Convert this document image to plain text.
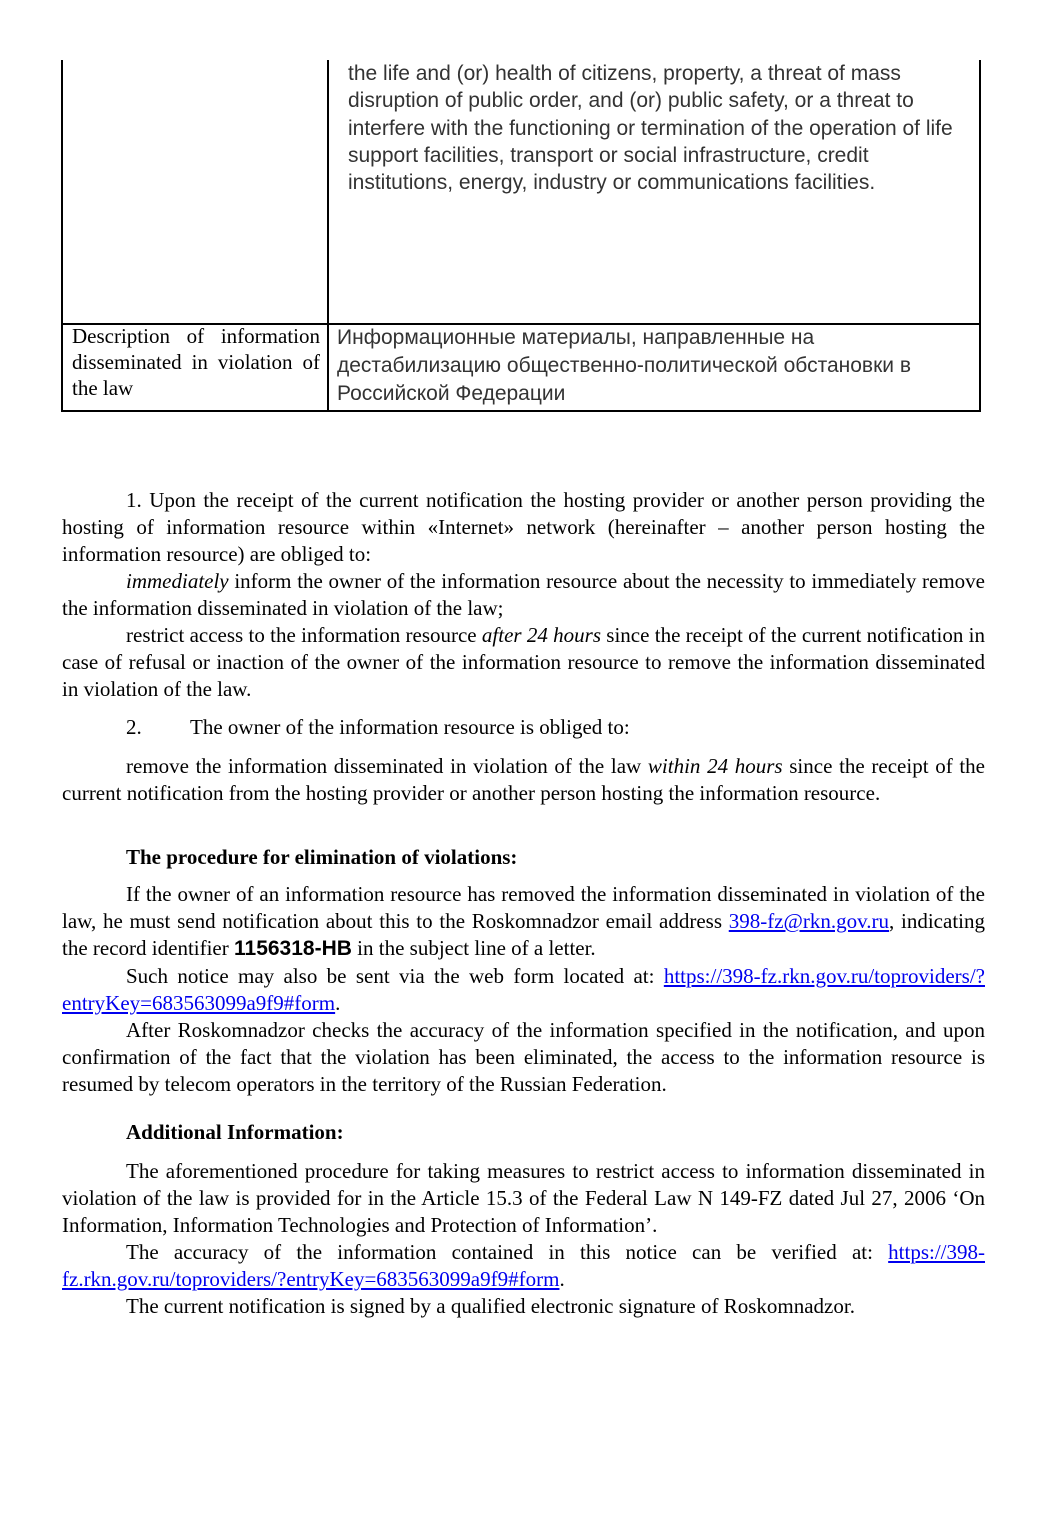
the life and (or) health of citizens, property, a threat of mass disruption of public order, and (or) public safety, or a threat to interfere with the functioning or termination of the operation of life support facilities, transport or social infrastructure, credit institutions, energy, industry or communications facilities.
Description of information disseminated in violation of the law
Информационные материалы, направленные на дестабилизацию общественно-политической обстановки в Российской Федерации
1. Upon the receipt of the current notification the hosting provider or another person providing the hosting of information resource within «Internet» network (hereinafter – another person hosting the information resource) are obliged to:
immediately inform the owner of the information resource about the necessity to immediately remove the information disseminated in violation of the law;
restrict access to the information resource after 24 hours since the receipt of the current notification in case of refusal or inaction of the owner of the information resource to remove the information disseminated in violation of the law.
2. The owner of the information resource is obliged to:
remove the information disseminated in violation of the law within 24 hours since the receipt of the current notification from the hosting provider or another person hosting the information resource.
The procedure for elimination of violations:
If the owner of an information resource has removed the information disseminated in violation of the law, he must send notification about this to the Roskomnadzor email address 398-fz@rkn.gov.ru, indicating the record identifier 1156318-HB in the subject line of a letter.
Such notice may also be sent via the web form located at: https://398-fz.rkn.gov.ru/toproviders/?entryKey=683563099a9f9#form.
After Roskomnadzor checks the accuracy of the information specified in the notification, and upon confirmation of the fact that the violation has been eliminated, the access to the information resource is resumed by telecom operators in the territory of the Russian Federation.
Additional Information:
The aforementioned procedure for taking measures to restrict access to information disseminated in violation of the law is provided for in the Article 15.3 of the Federal Law N 149-FZ dated Jul 27, 2006 ‘On Information, Information Technologies and Protection of Information’.
The accuracy of the information contained in this notice can be verified at: https://398-fz.rkn.gov.ru/toproviders/?entryKey=683563099a9f9#form.
The current notification is signed by a qualified electronic signature of Roskomnadzor.
